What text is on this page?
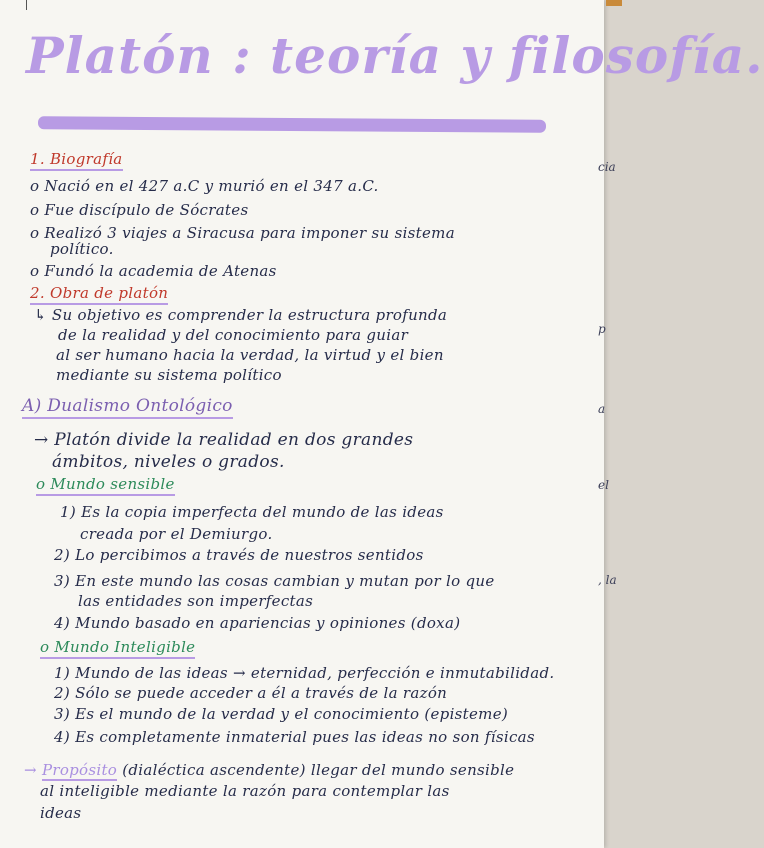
Platón : teoría y filosofía.
1. Biografía
o Nació en el 427 a.C y murió en el 347 a.C.
o Fue discípulo de Sócrates
o Realizó 3 viajes a Siracusa para imponer su sistema
político.
o Fundó la academia de Atenas
2. Obra de platón
↳ Su objetivo es comprender la estructura profunda
de la realidad y del conocimiento para guiar
al ser humano hacia la verdad, la virtud y el bien
mediante su sistema político
A) Dualismo Ontológico
→ Platón divide la realidad en dos grandes
ámbitos, niveles o grados.
o Mundo sensible
1) Es la copia imperfecta del mundo de las ideas
creada por el Demiurgo.
2) Lo percibimos a través de nuestros sentidos
3) En este mundo las cosas cambian y mutan por lo que
las entidades son imperfectas
4) Mundo basado en apariencias y opiniones (doxa)
o Mundo Inteligible
1) Mundo de las ideas → eternidad, perfección e inmutabilidad.
2) Sólo se puede acceder a él a través de la razón
3) Es el mundo de la verdad y el conocimiento (episteme)
4) Es completamente inmaterial pues las ideas no son físicas
→ Propósito (dialéctica ascendente) llegar del mundo sensible
al inteligible mediante la razón para contemplar las
ideas
cia
p
a
el
, la
